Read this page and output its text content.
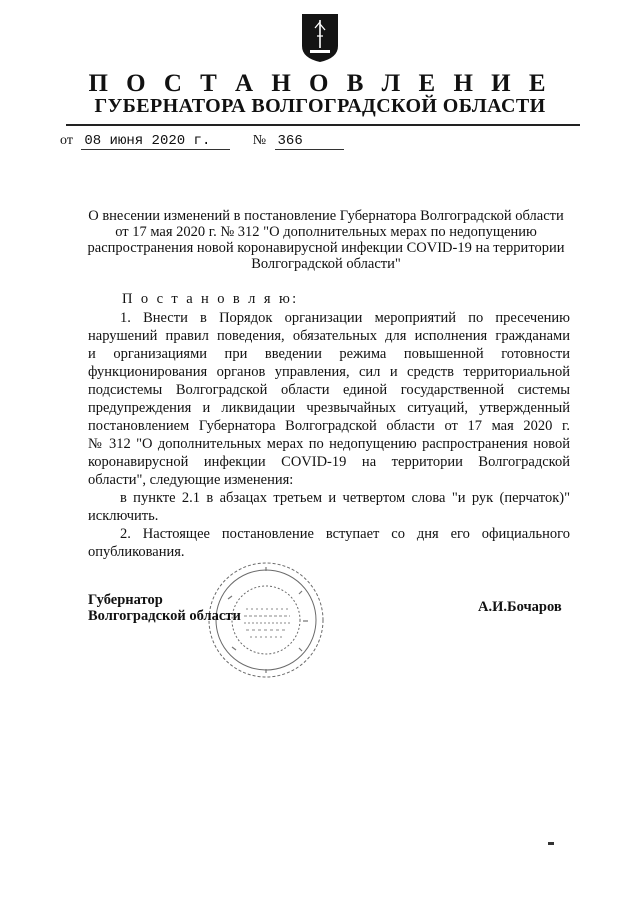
П О С Т А Н О В Л Е Н И Е
ГУБЕРНАТОРА ВОЛГОГРАДСКОЙ ОБЛАСТИ
от 08 июня 2020 г.	№ 366
О внесении изменений в постановление Губернатора Волгоградской области
от 17 мая 2020 г. № 312 "О дополнительных мерах по недопущению
распространения новой коронавирусной инфекции COVID-19 на территории
Волгоградской области"
П о с т а н о в л я ю:
1. Внести в Порядок организации мероприятий по пресечению
нарушений правил поведения, обязательных для исполнения гражданами
и организациями при введении режима повышенной готовности
функционирования органов управления, сил и средств территориальной
подсистемы Волгоградской области единой государственной системы
предупреждения и ликвидации чрезвычайных ситуаций, утвержденный
постановлением Губернатора Волгоградской области от 17 мая 2020 г.
№ 312 "О дополнительных мерах по недопущению распространения новой
коронавирусной инфекции COVID-19 на территории Волгоградской
области", следующие изменения:
в пункте 2.1 в абзацах третьем и четвертом слова "и рук (перчаток)"
исключить.
2. Настоящее постановление вступает со дня его официального
опубликования.
Губернатор
Волгоградской области
А.И.Бочаров
